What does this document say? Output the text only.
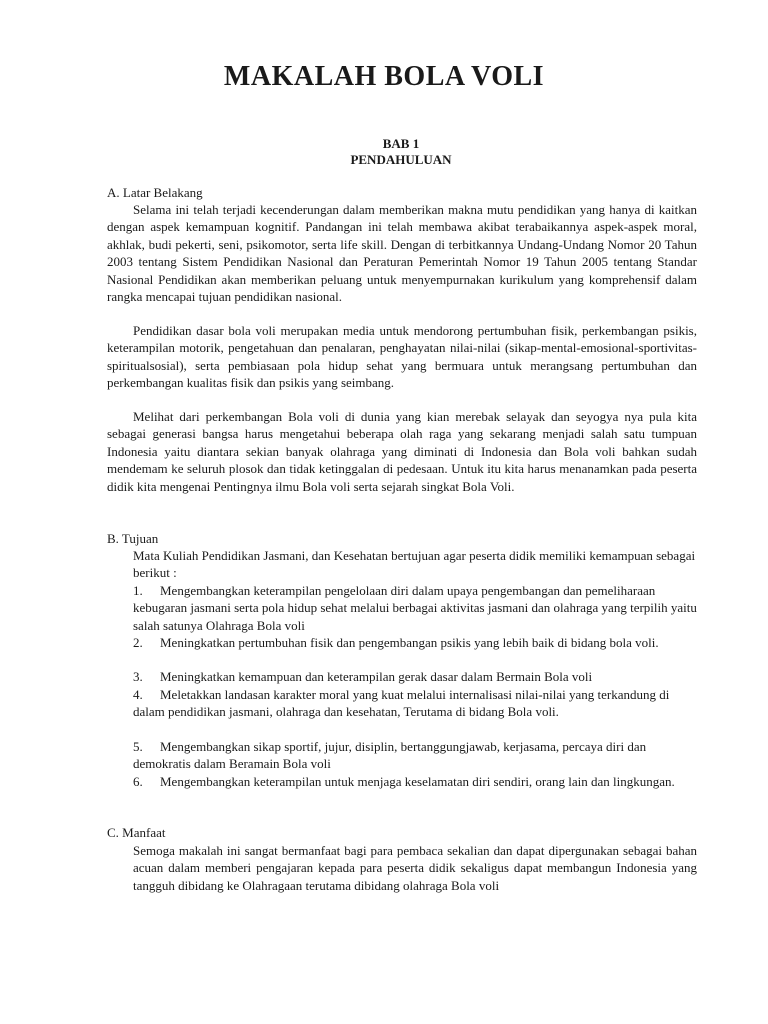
MAKALAH BOLA VOLI

BAB 1

PENDAHULUAN

A. Latar Belakang

Selama ini telah terjadi kecenderungan dalam memberikan makna mutu pendidikan yang hanya di kaitkan dengan aspek kemampuan kognitif. Pandangan ini telah membawa akibat terabaikannya aspek-aspek moral, akhlak, budi pekerti, seni, psikomotor, serta life skill. Dengan di terbitkannya Undang-Undang Nomor 20 Tahun 2003 tentang Sistem Pendidikan Nasional dan Peraturan Pemerintah Nomor 19 Tahun 2005 tentang Standar Nasional Pendidikan akan memberikan peluang untuk menyempurnakan kurikulum yang komprehensif dalam rangka mencapai tujuan pendidikan nasional.

Pendidikan dasar bola voli merupakan media untuk mendorong pertumbuhan fisik, perkembangan psikis, keterampilan motorik, pengetahuan dan penalaran, penghayatan nilai-nilai (sikap-mental-emosional-sportivitas-spiritualsosial), serta pembiasaan pola hidup sehat yang bermuara untuk merangsang pertumbuhan dan perkembangan kualitas fisik dan psikis yang seimbang.

Melihat dari perkembangan Bola voli di dunia yang kian merebak selayak dan seyogya nya pula kita sebagai generasi bangsa harus mengetahui beberapa olah raga yang sekarang menjadi salah satu tumpuan Indonesia yaitu diantara sekian banyak olahraga yang diminati di Indonesia dan Bola voli bahkan sudah mendemam ke seluruh plosok dan tidak ketinggalan di pedesaan. Untuk itu kita harus menanamkan pada peserta didik kita mengenai Pentingnya ilmu Bola voli serta sejarah singkat Bola Voli.

B. Tujuan

Mata Kuliah Pendidikan Jasmani, dan Kesehatan bertujuan agar peserta didik memiliki kemampuan sebagai berikut :

1. Mengembangkan keterampilan pengelolaan diri dalam upaya pengembangan dan pemeliharaan kebugaran jasmani serta pola hidup sehat melalui berbagai aktivitas jasmani dan olahraga yang terpilih yaitu salah satunya Olahraga Bola voli

2. Meningkatkan pertumbuhan fisik dan pengembangan psikis yang lebih baik di bidang bola voli.

3. Meningkatkan kemampuan dan keterampilan gerak dasar dalam Bermain Bola voli

4. Meletakkan landasan karakter moral yang kuat melalui internalisasi nilai-nilai yang terkandung di dalam pendidikan jasmani, olahraga dan kesehatan, Terutama di bidang Bola voli.

5. Mengembangkan sikap sportif, jujur, disiplin, bertanggungjawab, kerjasama, percaya diri dan demokratis dalam Beramain Bola voli

6. Mengembangkan keterampilan untuk menjaga keselamatan diri sendiri, orang lain dan lingkungan.

C. Manfaat

Semoga makalah ini sangat bermanfaat bagi para pembaca sekalian dan dapat dipergunakan sebagai bahan acuan dalam memberi pengajaran kepada para peserta didik sekaligus dapat membangun Indonesia yang tangguh dibidang ke Olahragaan terutama dibidang olahraga Bola voli
